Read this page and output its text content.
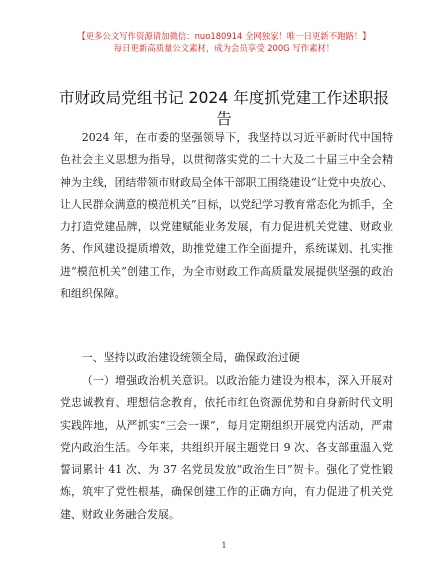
【更多公文写作资源请加微信：nuo180914 全网独家！唯一日更新不跑路！】
每日更新高质量公文素材，成为会员享受 200G 写作素材！
市财政局党组书记 2024 年度抓党建工作述职报告

2024 年，在市委的坚强领导下，我坚持以习近平新时代中国特色社会主义思想为指导，以贯彻落实党的二十大及二十届三中全会精神为主线，团结带领市财政局全体干部职工围绕建设“让党中央放心、让人民群众满意的模范机关”目标，以党纪学习教育常态化为抓手，全力打造党建品牌，以党建赋能业务发展，有力促进机关党建、财政业务、作风建设提质增效，助推党建工作全面提升，系统谋划、扎实推进“模范机关”创建工作，为全市财政工作高质量发展提供坚强的政治和组织保障。

一、坚持以政治建设统领全局，确保政治过硬

（一）增强政治机关意识。以政治能力建设为根本，深入开展对党忠诚教育、理想信念教育，依托市红色资源优势和自身新时代文明实践阵地，从严抓实“三会一课”，每月定期组织开展党内活动，严肃党内政治生活。今年来，共组织开展主题党日 9 次、各支部重温入党誓词累计 41 次、为 37 名党员发放“政治生日”贺卡。强化了党性锻炼，筑牢了党性根基，确保创建工作的正确方向，有力促进了机关党建、财政业务融合发展。

1
